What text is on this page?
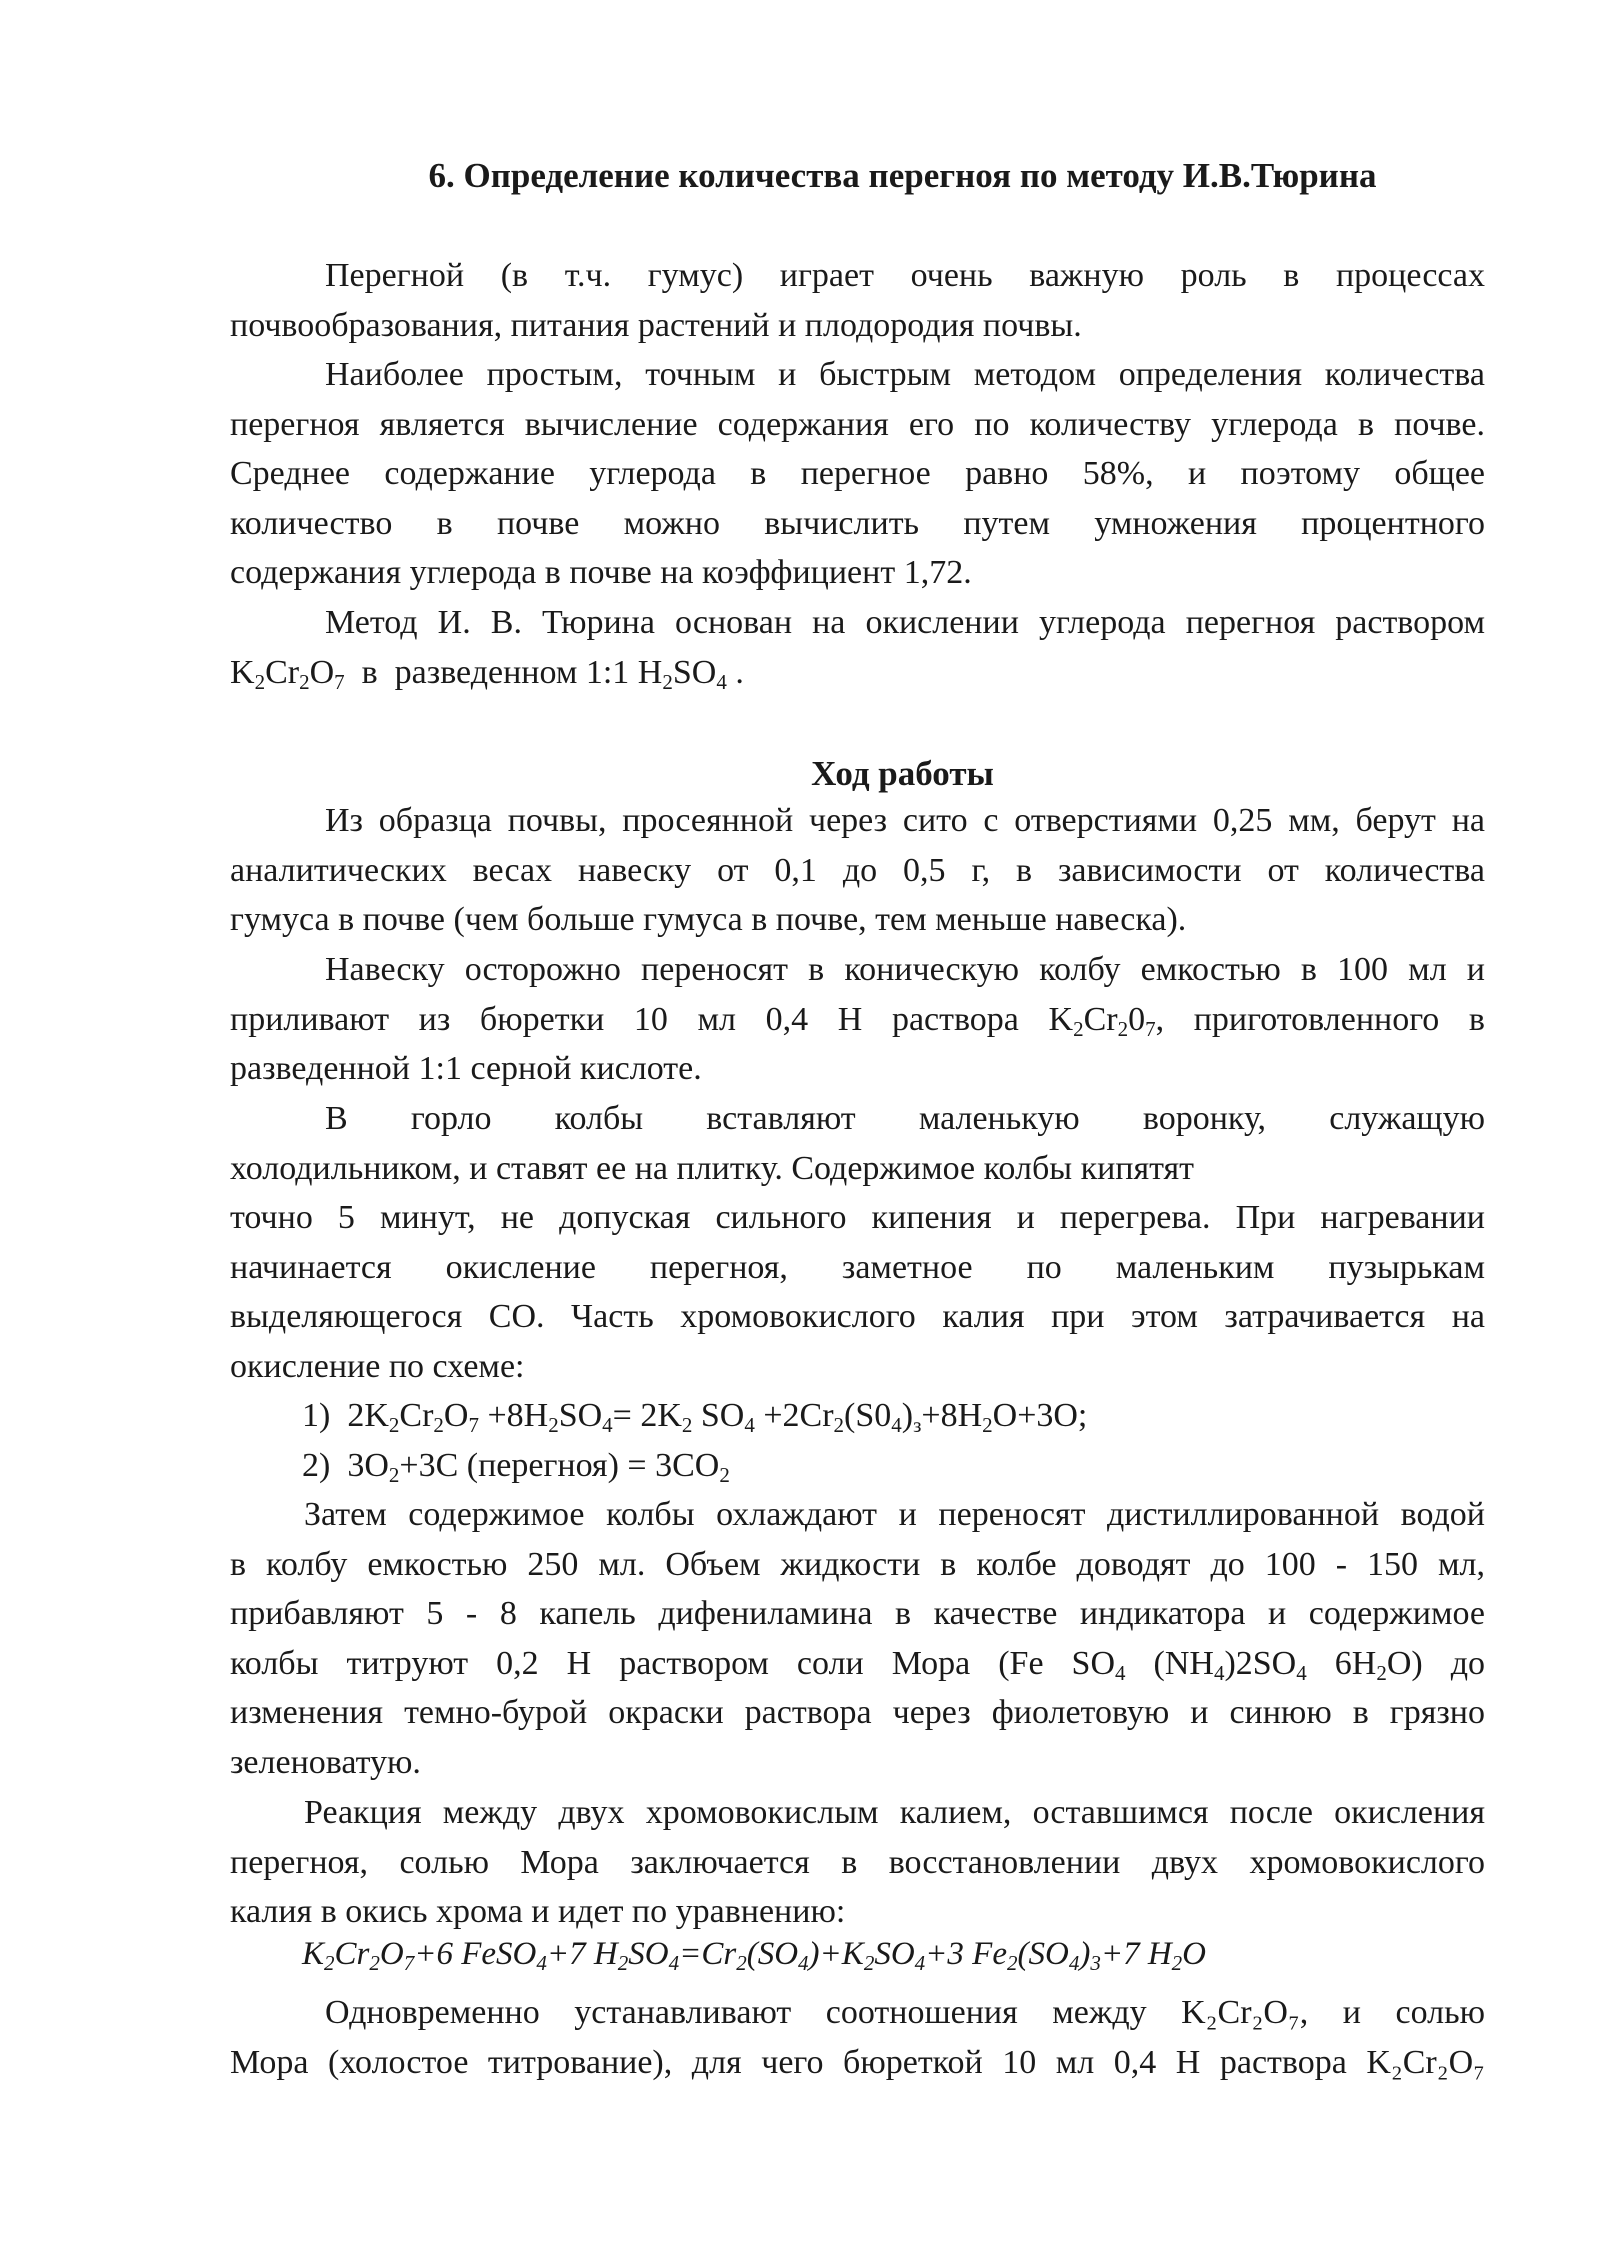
6. Определение количества перегноя по методу И.В.Тюрина
Перегной (в т.ч. гумус) играет очень важную роль в процессах
почвообразования, питания растений и плодородия почвы.
Наиболее простым, точным и быстрым методом определения количества
перегноя является вычисление содержания его по количеству углерода в почве.
Среднее содержание углерода в перегное равно 58%, и поэтому общее
количество в почве можно вычислить путем умножения процентного
содержания углерода в почве на коэффициент 1,72.
Метод И. В. Тюрина основан на окислении углерода перегноя раствором
$K_2Cr_2O_7$  в  разведенном 1:1 $H_2SO_4$ .
Ход работы
Из образца почвы, просеянной через сито с отверстиями 0,25 мм, берут на
аналитических весах навеску от 0,1 до 0,5 г, в зависимости от количества
гумуса в почве (чем больше гумуса в почве, тем меньше навеска).
Навеску осторожно переносят в коническую колбу емкостью в 100 мл и
приливают из бюретки 10 мл 0,4 Н раствора $K_2Cr_20_7$, приготовленного в
разведенной 1:1 серной кислоте.
В горло колбы вставляют маленькую воронку, служащую
холодильником, и ставят ее на плитку. Содержимое колбы кипятят
точно 5 минут, не допуская сильного кипения и перегрева. При нагревании
начинается окисление перегноя, заметное по маленьким пузырькам
выделяющегося СО. Часть хромовокислого калия при этом затрачивается на
окисление по схеме:
1) $2K_2Cr_2O_7 +8H_2SO_4= 2K_2$ $SO_4 +2Cr_2(S0_4)_з+8H_2O+3O$;
2) $3O_2+3C$ (перегноя) = $3CO_2$
Затем содержимое колбы охлаждают и переносят дистиллированной водой
в колбу емкостью 250 мл. Объем жидкости в колбе доводят до 100 - 150 мл,
прибавляют 5 - 8 капель дифениламина в качестве индикатора и содержимое
колбы титруют 0,2 Н раствором соли Мора (Fe $SO_4$ $(NH_4)2SO_4$ $6H_2O$) до
изменения темно-бурой окраски раствора через фиолетовую и синюю в грязно
зеленоватую.
Реакция между двух хромовокислым калием, оставшимся после окисления
перегноя, солью Мора заключается в восстановлении двух хромовокислого
калия в окись хрома и идет по уравнению:
$K_2Cr_2O_7+6$ FeSO$_4$+7 $H_2SO_4=Cr_2(SO_4)+K_2SO_4+3$ $Fe_2(SO_4)_3+7$ $H_2O$
Одновременно устанавливают соотношения между K₂Cr₂O₇, и солью
Мора (холостое титрование), для чего бюреткой 10 мл 0,4 Н раствора K₂Cr₂O₇
